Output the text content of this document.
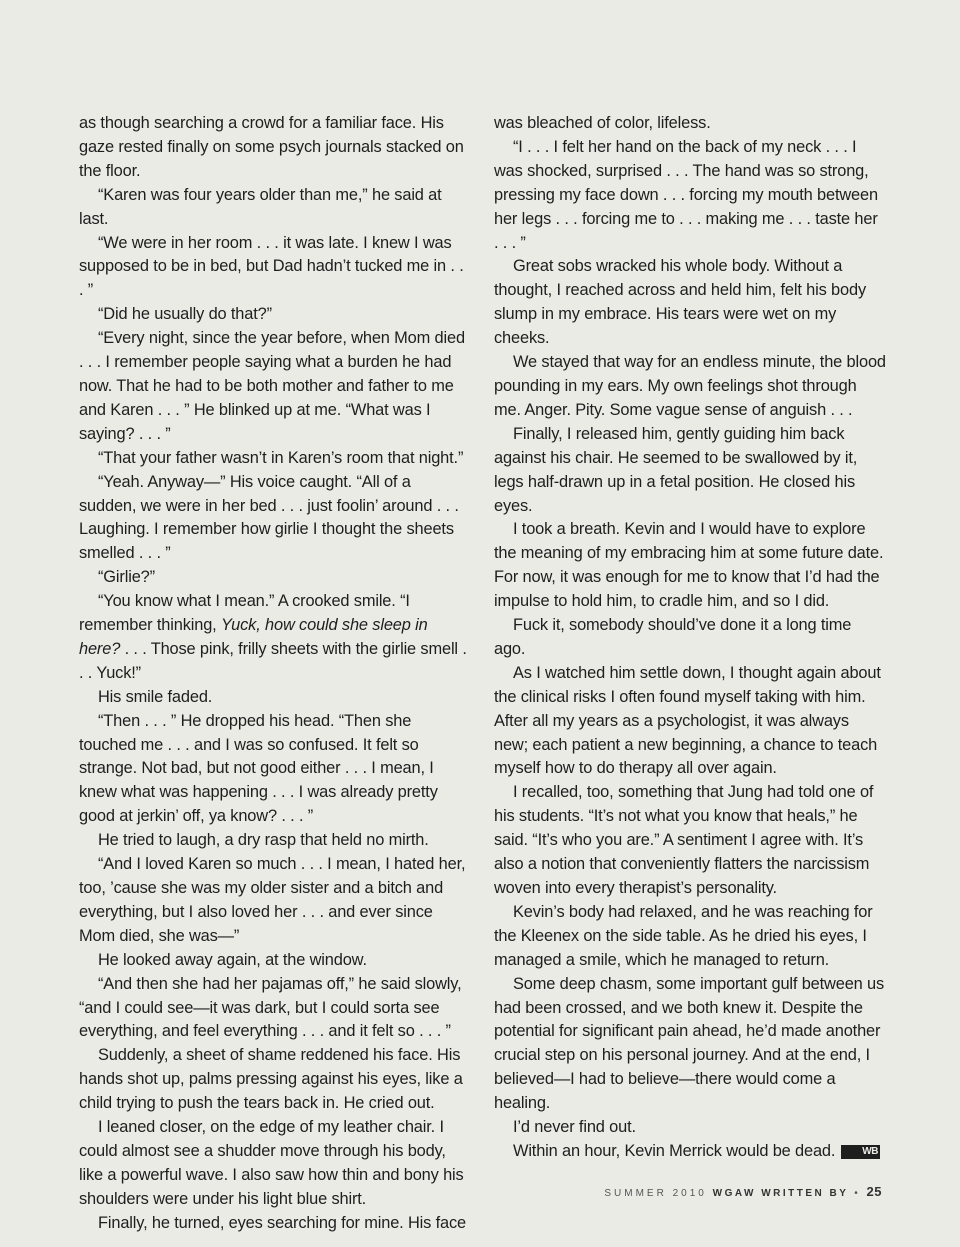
as though searching a crowd for a familiar face. His gaze rested finally on some psych journals stacked on the floor.

“Karen was four years older than me,” he said at last.

“We were in her room . . . it was late. I knew I was supposed to be in bed, but Dad hadn’t tucked me in . . . ”

“Did he usually do that?”

“Every night, since the year before, when Mom died . . . I remember people saying what a burden he had now. That he had to be both mother and father to me and Karen . . . ” He blinked up at me. “What was I saying? . . . ”

“That your father wasn’t in Karen’s room that night.”

“Yeah. Anyway—” His voice caught. “All of a sudden, we were in her bed . . . just foolin’ around . . . Laughing. I remember how girlie I thought the sheets smelled . . . ”

“Girlie?”

“You know what I mean.” A crooked smile. “I remember thinking, Yuck, how could she sleep in here? . . . Those pink, frilly sheets with the girlie smell . . . Yuck!”

His smile faded.

“Then . . . ” He dropped his head. “Then she touched me . . . and I was so confused. It felt so strange. Not bad, but not good either . . . I mean, I knew what was happening . . . I was already pretty good at jerkin’ off, ya know? . . . ”

He tried to laugh, a dry rasp that held no mirth.

“And I loved Karen so much . . . I mean, I hated her, too, ’cause she was my older sister and a bitch and everything, but I also loved her . . . and ever since Mom died, she was—”

He looked away again, at the window.

“And then she had her pajamas off,” he said slowly, “and I could see—it was dark, but I could sorta see everything, and feel everything . . . and it felt so . . . ”

Suddenly, a sheet of shame reddened his face. His hands shot up, palms pressing against his eyes, like a child trying to push the tears back in. He cried out.

I leaned closer, on the edge of my leather chair. I could almost see a shudder move through his body, like a powerful wave. I also saw how thin and bony his shoulders were under his light blue shirt.

Finally, he turned, eyes searching for mine. His face

was bleached of color, lifeless.

“I . . . I felt her hand on the back of my neck . . . I was shocked, surprised . . . The hand was so strong, pressing my face down . . . forcing my mouth between her legs . . . forcing me to . . . making me . . . taste her . . . ”

Great sobs wracked his whole body. Without a thought, I reached across and held him, felt his body slump in my embrace. His tears were wet on my cheeks.

We stayed that way for an endless minute, the blood pounding in my ears. My own feelings shot through me. Anger. Pity. Some vague sense of anguish . . .

Finally, I released him, gently guiding him back against his chair. He seemed to be swallowed by it, legs half-drawn up in a fetal position. He closed his eyes.

I took a breath. Kevin and I would have to explore the meaning of my embracing him at some future date. For now, it was enough for me to know that I’d had the impulse to hold him, to cradle him, and so I did.

Fuck it, somebody should’ve done it a long time ago.

As I watched him settle down, I thought again about the clinical risks I often found myself taking with him. After all my years as a psychologist, it was always new; each patient a new beginning, a chance to teach myself how to do therapy all over again.

I recalled, too, something that Jung had told one of his students. “It’s not what you know that heals,” he said. “It’s who you are.” A sentiment I agree with. It’s also a notion that conveniently flatters the narcissism woven into every therapist’s personality.

Kevin’s body had relaxed, and he was reaching for the Kleenex on the side table. As he dried his eyes, I managed a smile, which he managed to return.

Some deep chasm, some important gulf between us had been crossed, and we both knew it. Despite the potential for significant pain ahead, he’d made another crucial step on his personal journey. And at the end, I believed—I had to believe—there would come a healing.

I’d never find out.

Within an hour, Kevin Merrick would be dead.	WB

SUMMER 2010 WGAW WRITTEN BY • 25
